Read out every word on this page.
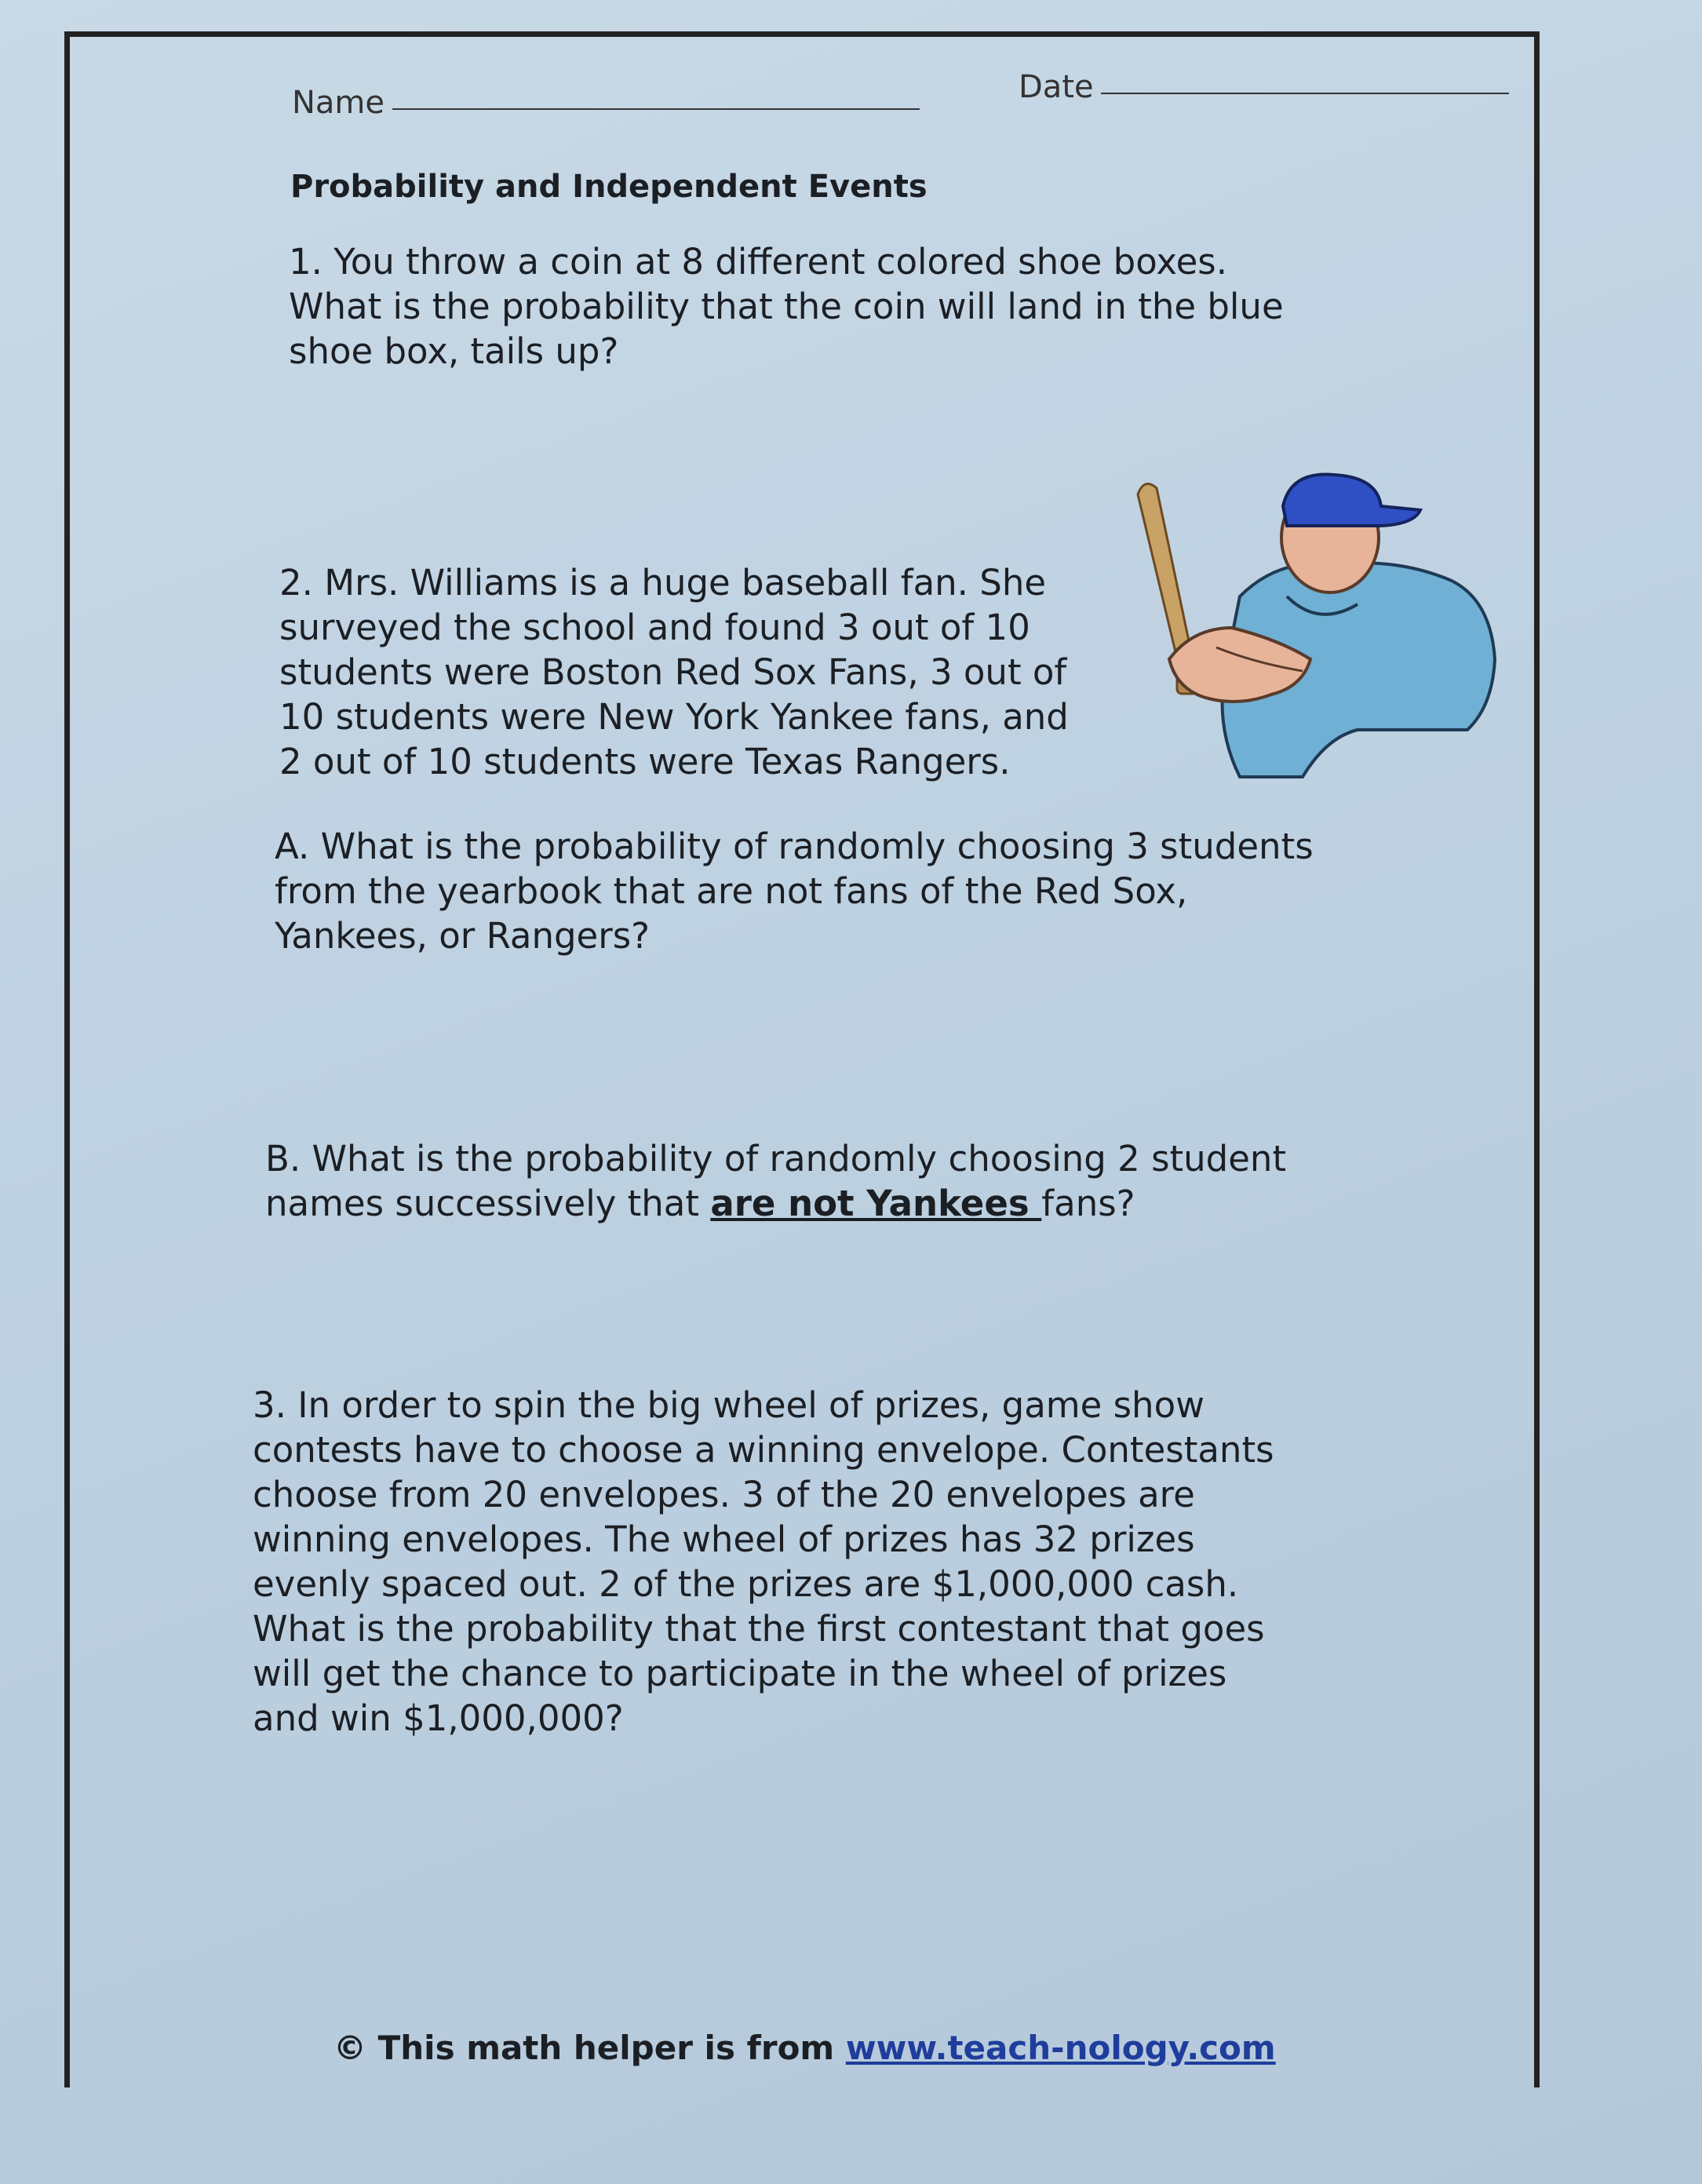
Name	Date
Probability and Independent Events
1. You throw a coin at 8 different colored shoe boxes.
What is the probability that the coin will land in the blue
shoe box, tails up?
2. Mrs. Williams is a huge baseball fan. She
surveyed the school and found 3 out of 10
students were Boston Red Sox Fans, 3 out of
10 students were New York Yankee fans, and
2 out of 10 students were Texas Rangers.
A. What is the probability of randomly choosing 3 students
from the yearbook that are not fans of the Red Sox,
Yankees, or Rangers?
B. What is the probability of randomly choosing 2 student
names successively that are not Yankees fans?
3. In order to spin the big wheel of prizes, game show
contests have to choose a winning envelope. Contestants
choose from 20 envelopes. 3 of the 20 envelopes are
winning envelopes. The wheel of prizes has 32 prizes
evenly spaced out. 2 of the prizes are $1,000,000 cash.
What is the probability that the first contestant that goes
will get the chance to participate in the wheel of prizes
and win $1,000,000?
© This math helper is from www.teach-nology.com
